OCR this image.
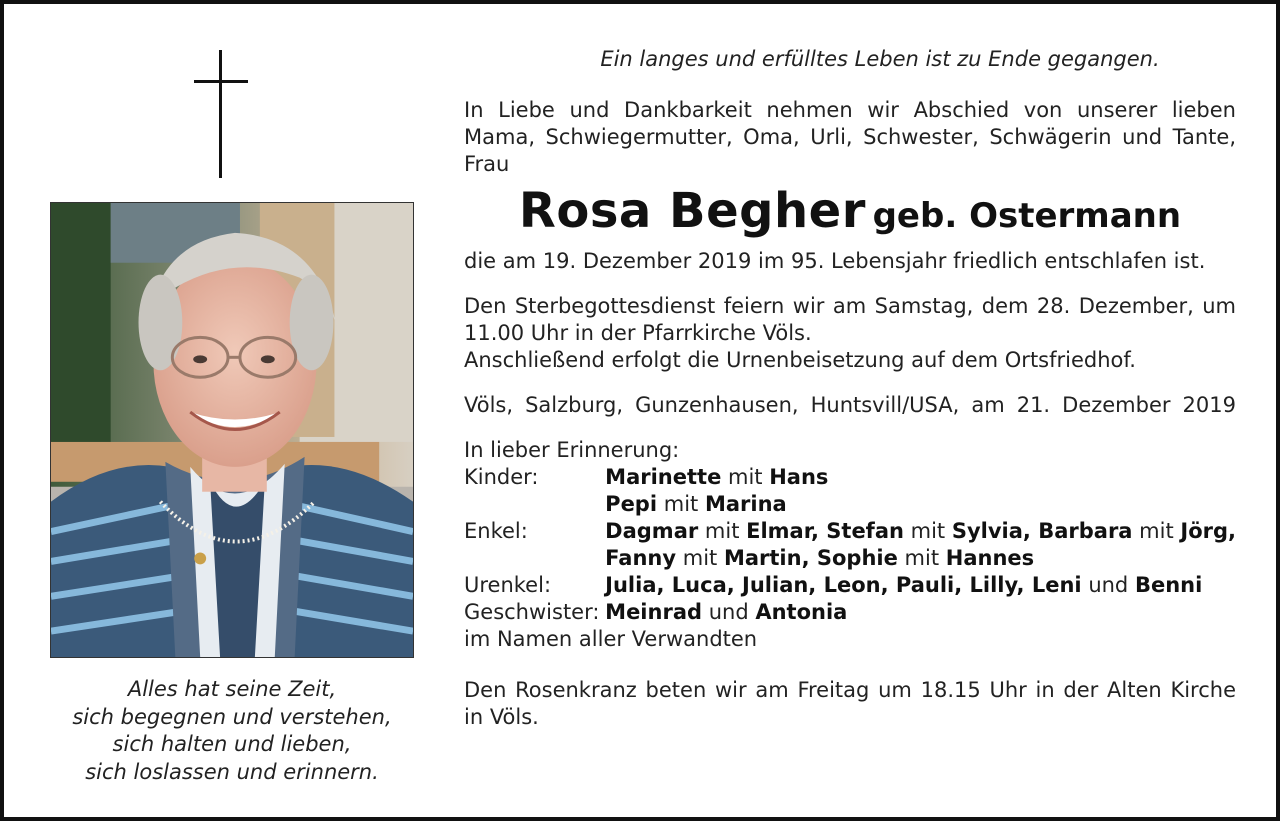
Alles hat seine Zeit,
sich begegnen und verstehen,
sich halten und lieben,
sich loslassen und erinnern.
Ein langes und erfülltes Leben ist zu Ende gegangen.
In Liebe und Dankbarkeit nehmen wir Abschied von unserer lieben
Mama, Schwiegermutter, Oma, Urli, Schwester, Schwägerin und Tante,
Frau
Rosa Begher geb. Ostermann
die am 19. Dezember 2019 im 95. Lebensjahr friedlich entschlafen ist.
Den Sterbegottesdienst feiern wir am Samstag, dem 28. Dezember, um
11.00 Uhr in der Pfarrkirche Völs.
Anschließend erfolgt die Urnenbeisetzung auf dem Ortsfriedhof.
Völs, Salzburg, Gunzenhausen, Huntsvill/USA, am 21. Dezember 2019
In lieber Erinnerung:
Kinder:	Marinette mit Hans
	Pepi mit Marina
Enkel:	Dagmar mit Elmar, Stefan mit Sylvia, Barbara mit Jörg,
	Fanny mit Martin, Sophie mit Hannes
Urenkel:	Julia, Luca, Julian, Leon, Pauli, Lilly, Leni und Benni
Geschwister:	Meinrad und Antonia
im Namen aller Verwandten
Den Rosenkranz beten wir am Freitag um 18.15 Uhr in der Alten Kirche
in Völs.
